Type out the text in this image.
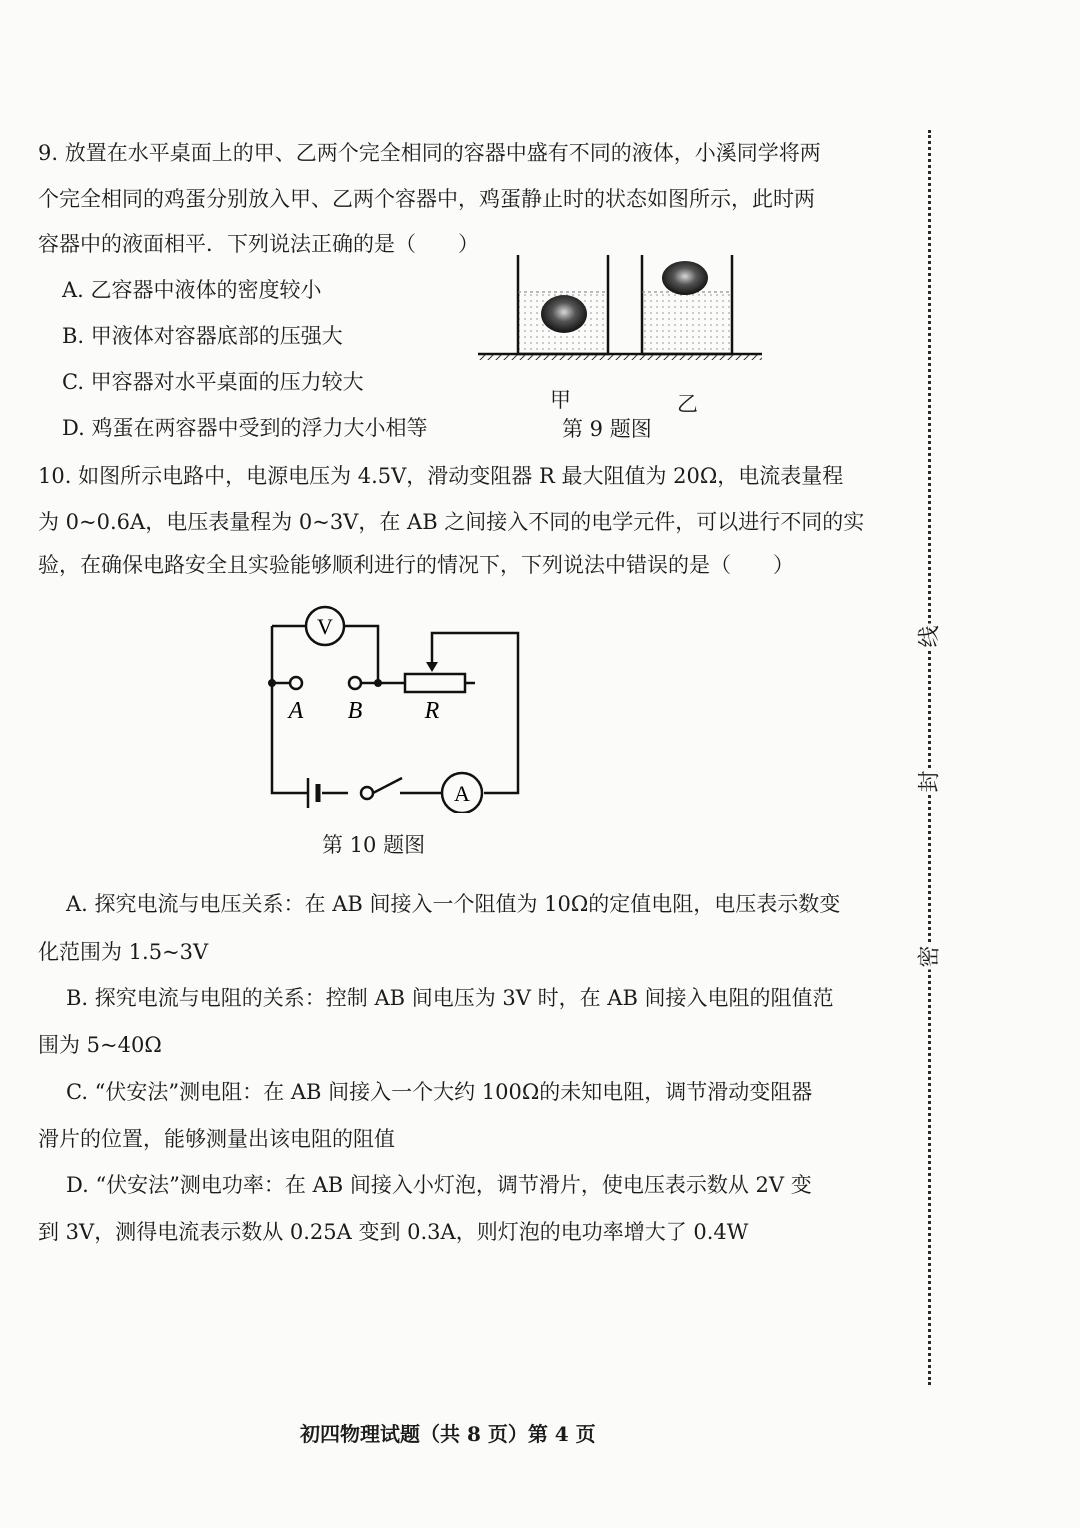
9. 放置在水平桌面上的甲、乙两个完全相同的容器中盛有不同的液体，小溪同学将两
个完全相同的鸡蛋分别放入甲、乙两个容器中，鸡蛋静止时的状态如图所示，此时两
容器中的液面相平．下列说法正确的是（　　）
A. 乙容器中液体的密度较小
B. 甲液体对容器底部的压强大
C. 甲容器对水平桌面的压力较大
D. 鸡蛋在两容器中受到的浮力大小相等
甲	乙
第 9 题图
10. 如图所示电路中，电源电压为 4.5V，滑动变阻器 R 最大阻值为 20Ω，电流表量程
为 0~0.6A，电压表量程为 0~3V，在 AB 之间接入不同的电学元件，可以进行不同的实
验，在确保电路安全且实验能够顺利进行的情况下，下列说法中错误的是（　　）
V
A
A B	R
第 10 题图
A. 探究电流与电压关系：在 AB 间接入一个阻值为 10Ω的定值电阻，电压表示数变
化范围为 1.5~3V
B. 探究电流与电阻的关系：控制 AB 间电压为 3V 时，在 AB 间接入电阻的阻值范
围为 5~40Ω
C. “伏安法”测电阻：在 AB 间接入一个大约 100Ω的未知电阻，调节滑动变阻器
滑片的位置，能够测量出该电阻的阻值
D. “伏安法”测电功率：在 AB 间接入小灯泡，调节滑片，使电压表示数从 2V 变
到 3V，测得电流表示数从 0.25A 变到 0.3A，则灯泡的电功率增大了 0.4W
线
封
密
初四物理试题（共 8 页）第 4 页
